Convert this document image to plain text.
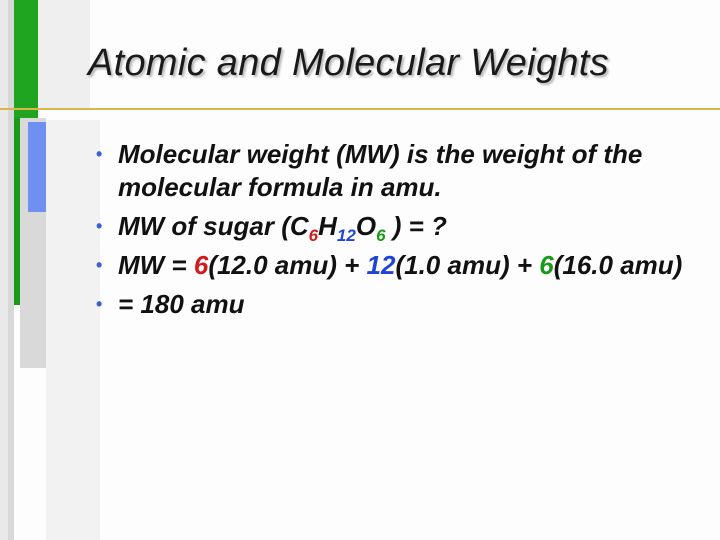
Atomic and Molecular Weights
• Molecular weight (MW) is the weight of the molecular formula in amu.
• MW of sugar ($C_6H_{12}O_6$ ) = ?
• MW = 6(12.0 amu) + 12(1.0 amu) + 6(16.0 amu)
• = 180 amu
